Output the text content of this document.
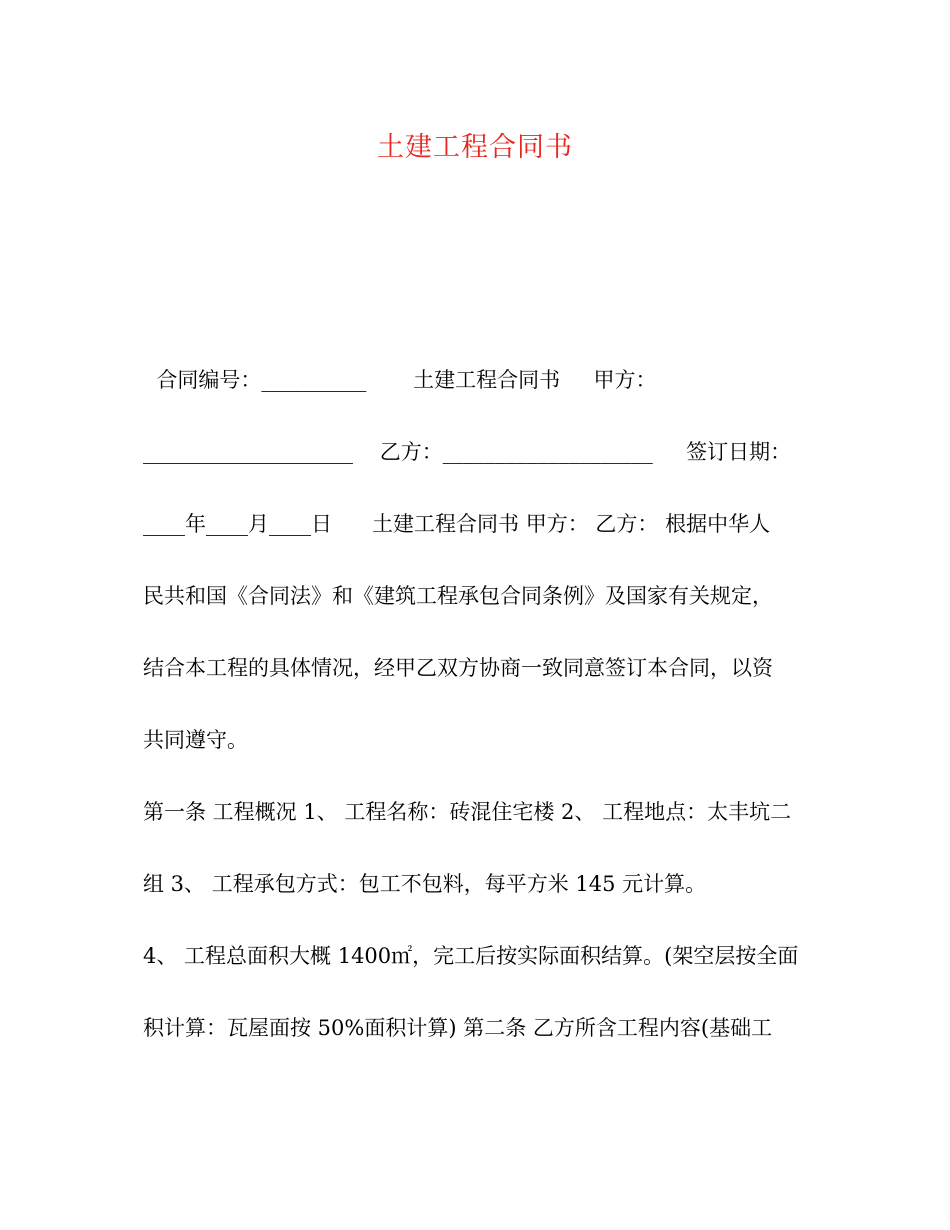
土建工程合同书
合同编号：__________       土建工程合同书     甲方：
____________________    乙方：____________________     签订日期：
____年____月____日      土建工程合同书 甲方： 乙方： 根据中华人
民共和国《合同法》和《建筑工程承包合同条例》及国家有关规定，
结合本工程的具体情况，经甲乙双方协商一致同意签订本合同，以资
共同遵守。
第一条 工程概况 1、 工程名称：砖混住宅楼 2、 工程地点：太丰坑二
组 3、 工程承包方式：包工不包料，每平方米 145 元计算。
4、 工程总面积大概 1400㎡，完工后按实际面积结算。(架空层按全面
积计算：瓦屋面按 50%面积计算) 第二条 乙方所含工程内容(基础工
